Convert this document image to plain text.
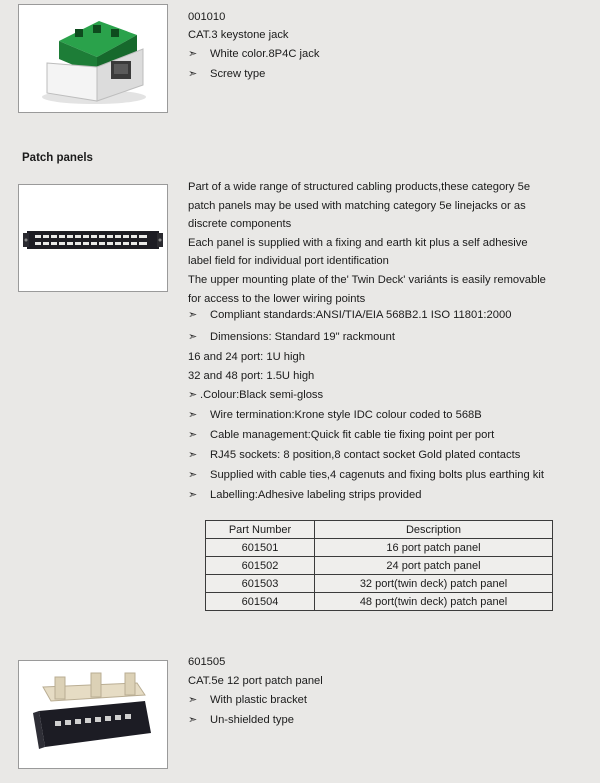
001010
CAT.3 keystone jack
➣	White color.8P4C jack
➣	Screw type
Patch panels
Part of a wide range of structured cabling products,these category 5e
patch panels may be used with matching category 5e linejacks or as
discrete components
Each panel is supplied with a fixing and earth kit plus a self adhesive
label field for individual port identification
The upper mounting plate of the' Twin Deck' variánts is easily removable
for access to the lower wiring points
➣	Compliant standards:ANSI/TIA/EIA 568B2.1 ISO 11801:2000
➣	Dimensions: Standard 19" rackmount
16 and 24 port: 1U high
32 and 48 port: 1.5U high
➣ .Colour:Black semi-gloss
➣	Wire termination:Krone style IDC colour coded to 568B
➣	Cable management:Quick fit cable tie fixing point per port
➣	RJ45 sockets: 8 position,8 contact socket Gold plated contacts
➣	Supplied with cable ties,4 cagenuts and fixing bolts plus earthing kit
➣	Labelling:Adhesive labeling strips provided
Part Number	Description
601501	16 port patch panel
601502	24 port patch panel
601503	32 port(twin deck) patch panel
601504	48 port(twin deck) patch panel
601505
CAT.5e 12 port patch panel
➣	With plastic bracket
➣	Un-shielded type
